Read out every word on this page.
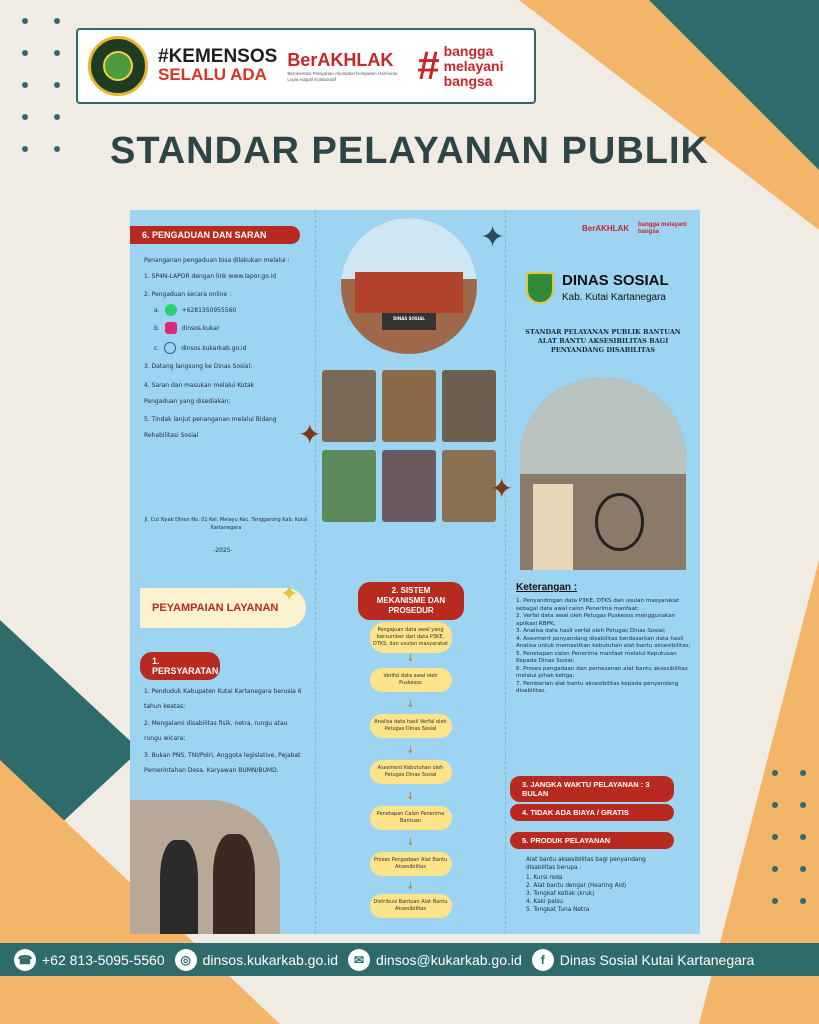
#KEMENSOS
SELALU ADA
BerAKHLAK
Berorientasi Pelayanan Akuntabel Kompeten Harmonis Loyal Adaptif Kolaboratif	# bangga
melayani
bangsa
STANDAR PELAYANAN PUBLIK
6. PENGADUAN DAN SARAN
Penanganan pengaduan bisa dilakukan melalui :
1. SP4N-LAPOR dengan link www.lapor.go.id
2. Pengaduan secara online :
a.	+6281350955560
b.	dinsos.kukar
c.	dinsos.kukarkab.go.id
3. Datang langsung ke Dinas Sosial;
4. Saran dan masukan melalui Kotak Pengaduan yang disediakan;
5. Tindak lanjut penanganan melalui Bidang Rehabilitasi Sosial
Jl. Cut Nyak Dhien No. 01 Kel. Melayu Kec. Tenggarong Kab. Kutai Kartanegara
-2025-
DINAS SOSIAL
BerAKHLAK bangga melayani bangsa
DINAS SOSIAL
Kab. Kutai Kartanegara
STANDAR PELAYANAN PUBLIK BANTUAN ALAT BANTU AKSESIBILITAS BAGI PENYANDANG DISABILITAS
PEYAMPAIAN LAYANAN
1. PERSYARATAN
1. Penduduk Kabupaten Kutai Kartanegara berusia 6 tahun keatas;
2. Mengalami disabilitas fisik, netra, rungu atau rungu wicara;
3. Bukan PNS, TNI/Polri, Anggota legislative, Pejabat Pemerintahan Desa, Karyawan BUMN/BUMD.
2. SISTEM MEKANISME DAN PROSEDUR
Pengajuan data awal yang bersumber dari data P3KE, DTKS, dan usulan masyarakat
↓
Verifal data awal oleh Puskesos
↓
Analisa data hasil Verfal oleh Petugas Dinas Sosial
↓
Asesment Kebutuhan oleh Petugas Dinas Sosial
↓
Penetapan Calon Penerima Bantuan
↓
Proses Pengadaan Alat Bantu Aksesibilitas
↓
Distribusi Bantuan Alat Bantu Aksesibilitas
Keterangan :
1. Penyandingan data P3KE, DTKS dan usulan masyarakat sebagai data awal calon Penerima manfaat;
2. Verfal data awal oleh Petugas Puskesos menggunakan aplikasi RBPK;
3. Analisa data hasil verfal oleh Petugas Dinas Sosial;
4. Asesment penyandang disabilitas berdasarkan data hasil Analisa untuk memastikan kebutuhan alat bantu aksesibilitas;
5. Penetapan calon Penerima manfaat melalui Keputusan Kepada Dinas Sosial;
6. Proses pengadaan dan pemesanan alat bantu aksesibilitas melalui pihak ketiga;
7. Pemberian alat bantu aksesibilitas kepada penyandang disabilitas.
3. JANGKA WAKTU PELAYANAN : 3 BULAN
4. TIDAK ADA BIAYA / GRATIS
5. PRODUK PELAYANAN
Alat bantu aksesibilitas bagi penyandang disabilitas berupa :
1. Kursi roda
2. Alat bantu dengar (Hearing Aid)
3. Tongkat ketiak (kruk)
4. Kaki palsu
5. Tongkat Tuna Netra
✦
✦
✦
✦
☎ +62 813-5095-5560	◎ dinsos.kukarkab.go.id	✉ dinsos@kukarkab.go.id	f	Dinas Sosial Kutai Kartanegara
